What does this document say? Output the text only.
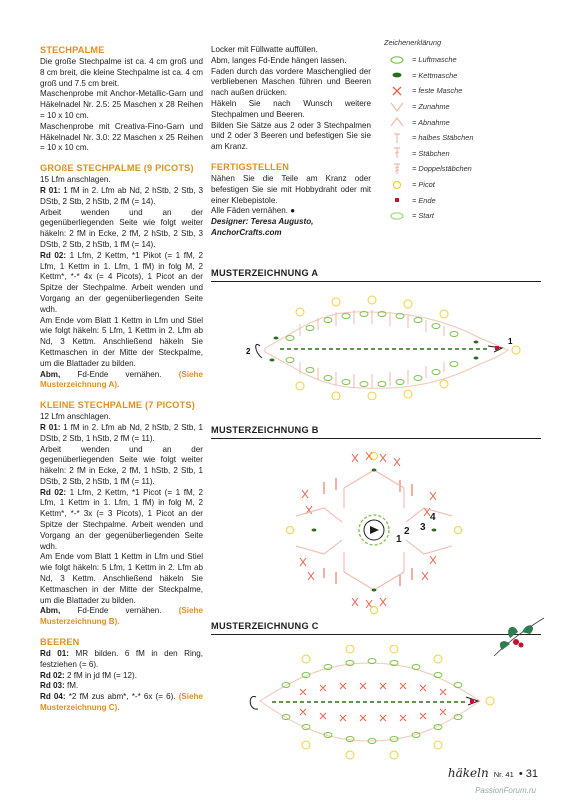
STECHPALME

Die große Stechpalme ist ca. 4 cm groß und 8 cm breit, die kleine Stechpalme ist ca. 4 cm groß und 7.5 cm breit.

Maschenprobe mit Anchor-Metallic-Garn und Häkelnadel Nr. 2.5: 25 Maschen x 28 Reihen = 10 x 10 cm.

Maschenprobe mit Creativa-Fino-Garn und Häkelnadel Nr. 3.0: 22 Maschen x 25 Reihen = 10 x 10 cm.

GROßE STECHPALME (9 PICOTS)

15 Lfm anschlagen.

R 01: 1 fM in 2. Lfm ab Nd, 2 hStb, 2 Stb, 3 DStb, 2 Stb, 2 hStb, 2 fM (= 14).

Arbeit wenden und an der gegenüberliegenden Seite wie folgt weiter häkeln: 2 fM in Ecke, 2 fM, 2 hStb, 2 Stb, 3 DStb, 2 Stb, 2 hStb, 1 fM (= 14).

Rd 02: 1 Lfm, 2 Kettm, *1 Pikot (= 1 fM, 2 Lfm, 1 Kettm in 1. Lfm, 1 fM) in folg M, 2 Kettm*, *-* 4x (= 4 Picots), 1 Picot an der Spitze der Stechpalme. Arbeit wenden und Vorgang an der gegenüberliegenden Seite wdh.

Am Ende vom Blatt 1 Kettm in Lfm und Stiel wie folgt häkeln: 5 Lfm, 1 Kettm in 2. Lfm ab Nd, 3 Kettm. Anschließend häkeln Sie Kettmaschen in der Mitte der Steckpalme, um die Blattader zu bilden.

Abm, Fd-Ende vernähen. (Siehe Musterzeichnung A).

KLEINE STECHPALME (7 PICOTS)

12 Lfm anschlagen.

R 01: 1 fM in 2. Lfm ab Nd, 2 hStb, 2 Stb, 1 DStb, 2 Stb, 1 hStb, 2 fM (= 11).

Arbeit wenden und an der gegenüberliegenden Seite wie folgt weiter häkeln: 2 fM in Ecke, 2 fM, 1 hStb, 2 Stb, 1 DStb, 2 Stb, 2 hStb, 1 fM (= 11).

Rd 02: 1 Lfm, 2 Kettm, *1 Picot (= 1 fM, 2 Lfm, 1 Kettm in 1. Lfm, 1 fM) in folg M, 2 Kettm*, *-* 3x (= 3 Picots), 1 Picot an der Spitze der Stechpalme. Arbeit wenden und Vorgang an der gegenüberliegenden Seite wdh.

Am Ende vom Blatt 1 Kettm in Lfm und Stiel wie folgt häkeln: 5 Lfm, 1 Kettm in 2. Lfm ab Nd, 3 Kettm. Anschließend häkeln Sie Kettmaschen in der Mitte der Steckpalme, um die Blattader zu bilden.

Abm, Fd-Ende vernähen. (Siehe Musterzeichnung B).

BEEREN

Rd 01: MR bilden. 6 fM in den Ring, festziehen (= 6).

Rd 02: 2 fM in jd fM (= 12).

Rd 03: fM.

Rd 04: *2 fM zus abm*, *-* 6x (= 6). (Siehe Musterzeichnung C).

Locker mit Füllwatte auffüllen.

Abm, langes Fd-Ende hängen lassen.

Faden durch das vordere Maschenglied der verbliebenen Maschen führen und Beeren nach außen drücken.

Häkeln Sie nach Wunsch weitere Stechpalmen und Beeren.

Bilden Sie Sätze aus 2 oder 3 Stechpalmen und 2 oder 3 Beeren und befestigen Sie sie am Kranz.

FERTIGSTELLEN

Nähen Sie die Teile am Kranz oder befestigen Sie sie mit Hobbydraht oder mit einer Klebepistole.

Alle Fäden vernähen. ●

Designer: Teresa Augusto,

AnchorCrafts.com

Zeichenerklärung
= Luftmasche
= Kettmasche
= feste Masche
= Zunahme
= Abnahme
= halbes Stäbchen
= Stäbchen
= Doppelstäbchen
= Picot
= Ende
= Start
MUSTERZEICHNUNG A
1
2
MUSTERZEICHNUNG B
1
2 3
4
MUSTERZEICHNUNG C
häkeln Nr. 41 • 31
PassionForum.ru
